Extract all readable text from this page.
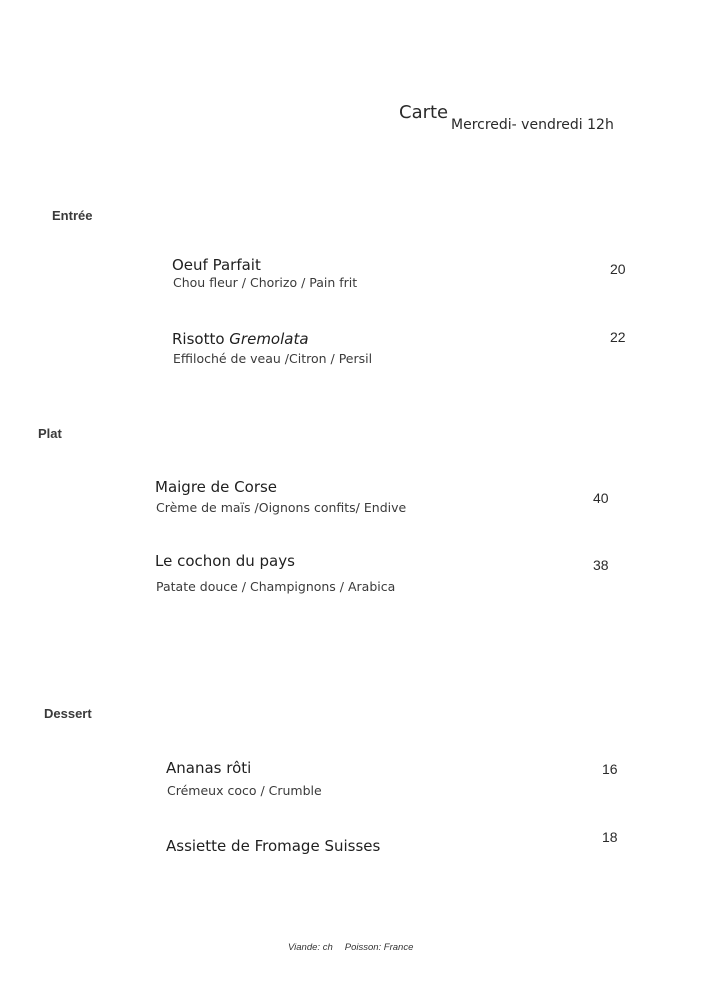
Carte
Mercredi- vendredi 12h
Entrée
Oeuf Parfait
Chou fleur / Chorizo / Pain frit
20
Risotto Gremolata
Effiloché de veau /Citron / Persil
22
Plat
Maigre de Corse
Crème de maïs /Oignons confits/ Endive
40
Le cochon du pays
Patate douce / Champignons / Arabica
38
Dessert
Ananas rôti
Crémeux coco / Crumble
16
Assiette de Fromage Suisses	18
Viande: ch Poisson: France
